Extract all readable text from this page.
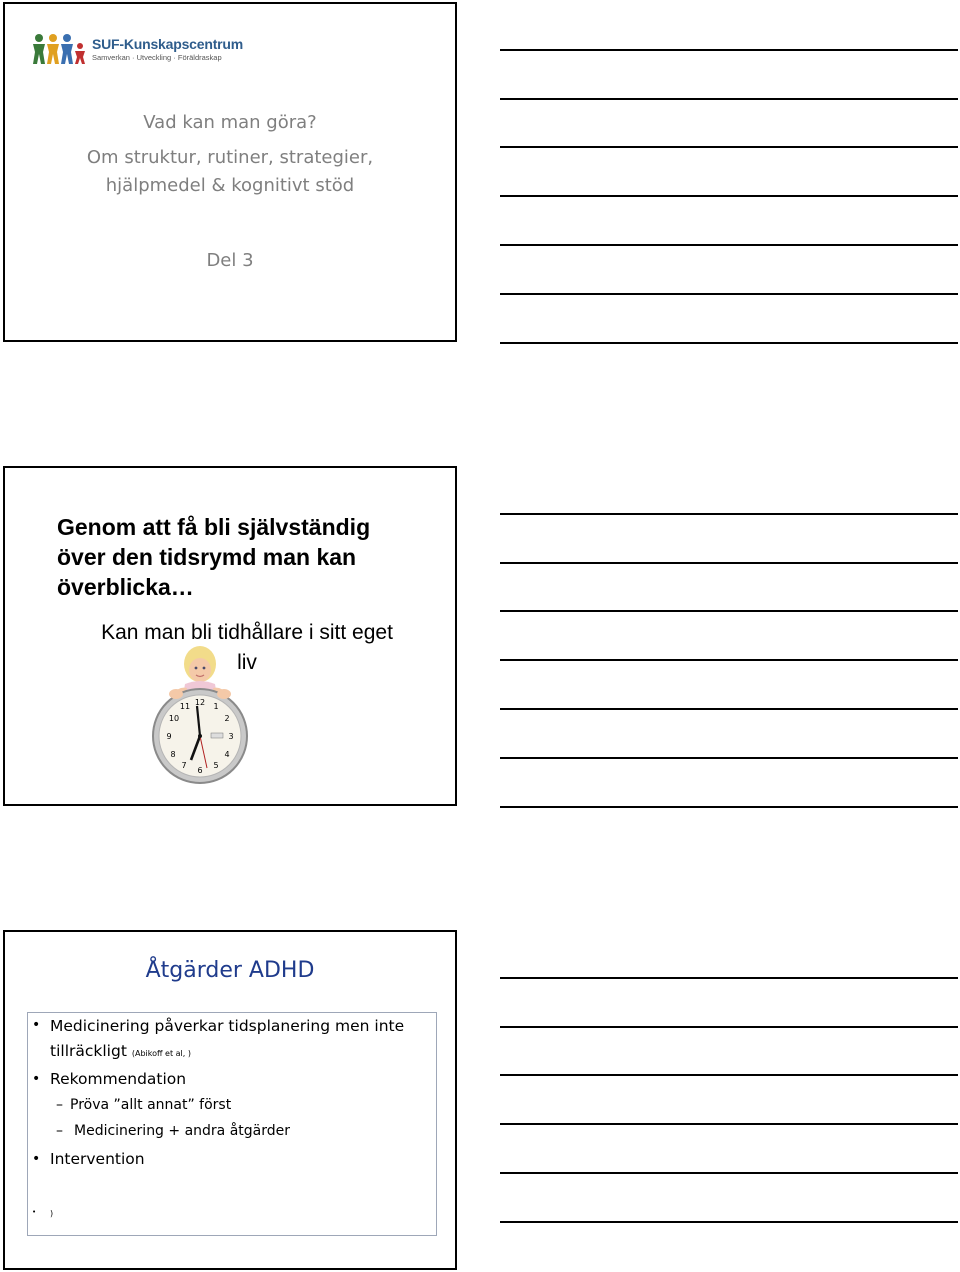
SUF-Kunskapscentrum
Samverkan · Utveckling · Föräldraskap
Vad kan man göra?
Om struktur, rutiner, strategier,
hjälpmedel & kognitivt stöd
Del 3
Genom att få bli självständig
över den tidsrymd man kan
överblicka…
Kan man bli tidhållare i sitt eget
liv
12 1
2
3
4
5
6
7
8
9
10
11
Åtgärder ADHD
• Medicinering påverkar tidsplanering men inte
tillräckligt (Abikoff et al, )
• Rekommendation
– Pröva ”allt annat” först
– Medicinering + andra åtgärder
• Intervention
• )
